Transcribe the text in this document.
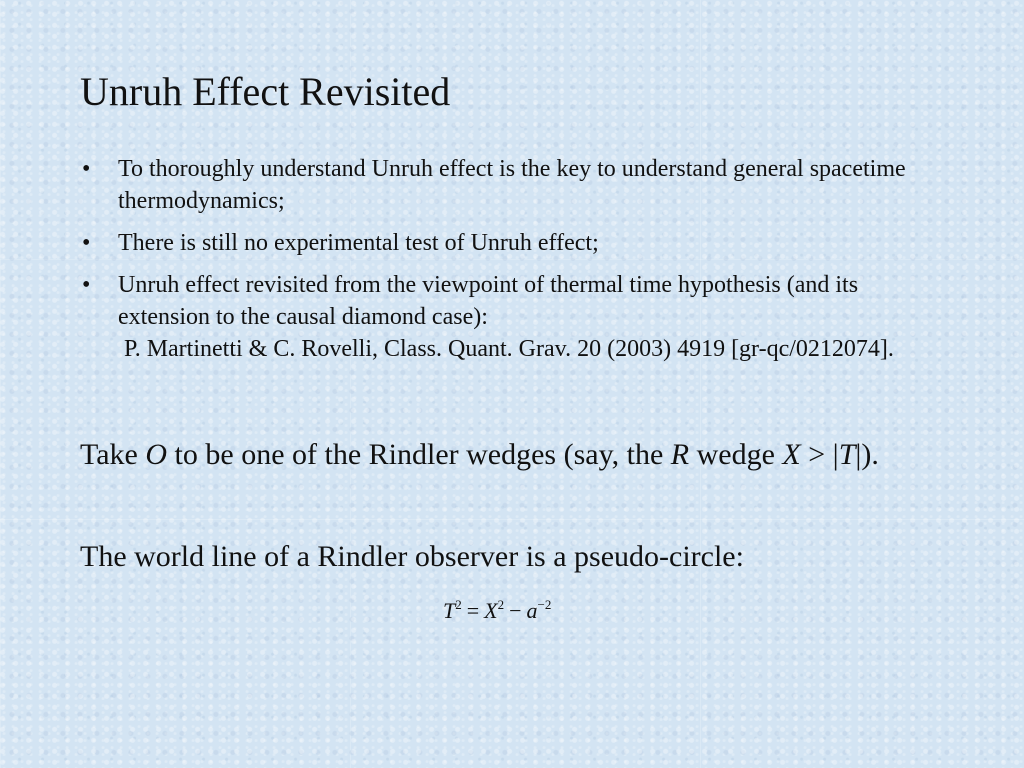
Unruh Effect Revisited
• To thoroughly understand Unruh effect is the key to understand general spacetime thermodynamics;
• There is still no experimental test of Unruh effect;
• Unruh effect revisited from the viewpoint of thermal time hypothesis (and its extension to the causal diamond case):
P. Martinetti & C. Rovelli, Class. Quant. Grav. 20 (2003) 4919 [gr-qc/0212074].

Take O to be one of the Rindler wedges (say, the R wedge X > |T|).

The world line of a Rindler observer is a pseudo-circle:

$T^2 = X^2 - a^{-2}$
